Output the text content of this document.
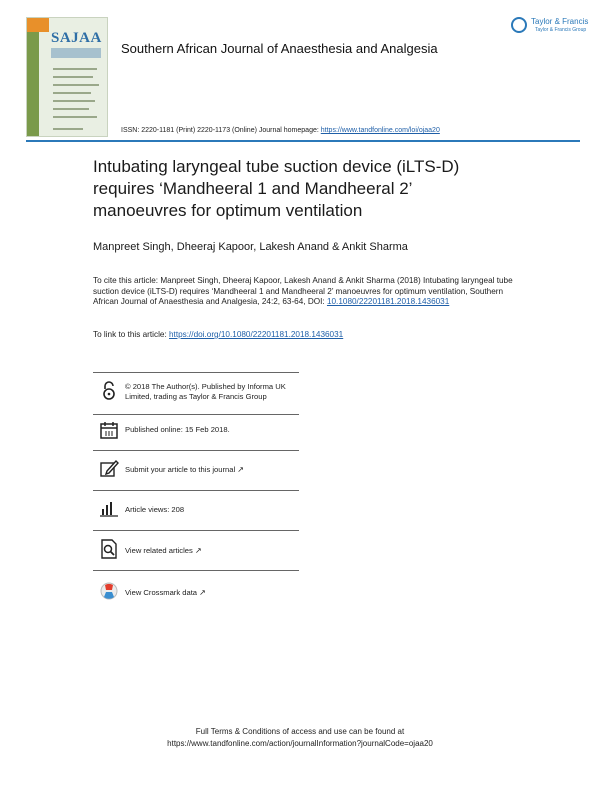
SAJAA
Southern African Journal of Anaesthesia and Analgesia
Taylor & Francis
Taylor & Francis Group
ISSN: 2220-1181 (Print) 2220-1173 (Online) Journal homepage: https://www.tandfonline.com/loi/ojaa20
Intubating laryngeal tube suction device (iLTS-D) requires ‘Mandheeral 1 and Mandheeral 2’ manoeuvres for optimum ventilation
Manpreet Singh, Dheeraj Kapoor, Lakesh Anand & Ankit Sharma
To cite this article: Manpreet Singh, Dheeraj Kapoor, Lakesh Anand & Ankit Sharma (2018) Intubating laryngeal tube suction device (iLTS-D) requires ‘Mandheeral 1 and Mandheeral 2’ manoeuvres for optimum ventilation, Southern African Journal of Anaesthesia and Analgesia, 24:2, 63-64, DOI: 10.1080/22201181.2018.1436031
To link to this article: https://doi.org/10.1080/22201181.2018.1436031
© 2018 The Author(s). Published by Informa UK Limited, trading as Taylor & Francis Group
Published online: 15 Feb 2018.
Submit your article to this journal ↗
Article views: 208
View related articles ↗
View Crossmark data ↗
Full Terms & Conditions of access and use can be found at
https://www.tandfonline.com/action/journalInformation?journalCode=ojaa20
